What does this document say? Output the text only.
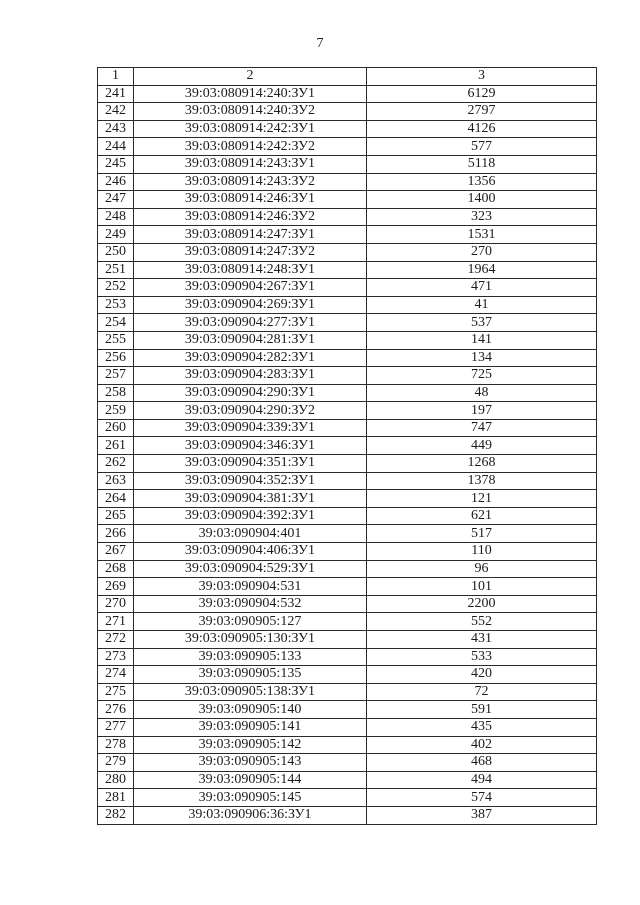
7
1	2	3
241	39:03:080914:240:ЗУ1	6129
242	39:03:080914:240:ЗУ2	2797
243	39:03:080914:242:ЗУ1	4126
244	39:03:080914:242:ЗУ2	577
245	39:03:080914:243:ЗУ1	5118
246	39:03:080914:243:ЗУ2	1356
247	39:03:080914:246:ЗУ1	1400
248	39:03:080914:246:ЗУ2	323
249	39:03:080914:247:ЗУ1	1531
250	39:03:080914:247:ЗУ2	270
251	39:03:080914:248:ЗУ1	1964
252	39:03:090904:267:ЗУ1	471
253	39:03:090904:269:ЗУ1	41
254	39:03:090904:277:ЗУ1	537
255	39:03:090904:281:ЗУ1	141
256	39:03:090904:282:ЗУ1	134
257	39:03:090904:283:ЗУ1	725
258	39:03:090904:290:ЗУ1	48
259	39:03:090904:290:ЗУ2	197
260	39:03:090904:339:ЗУ1	747
261	39:03:090904:346:ЗУ1	449
262	39:03:090904:351:ЗУ1	1268
263	39:03:090904:352:ЗУ1	1378
264	39:03:090904:381:ЗУ1	121
265	39:03:090904:392:ЗУ1	621
266	39:03:090904:401	517
267	39:03:090904:406:ЗУ1	110
268	39:03:090904:529:ЗУ1	96
269	39:03:090904:531	101
270	39:03:090904:532	2200
271	39:03:090905:127	552
272	39:03:090905:130:ЗУ1	431
273	39:03:090905:133	533
274	39:03:090905:135	420
275	39:03:090905:138:ЗУ1	72
276	39:03:090905:140	591
277	39:03:090905:141	435
278	39:03:090905:142	402
279	39:03:090905:143	468
280	39:03:090905:144	494
281	39:03:090905:145	574
282	39:03:090906:36:ЗУ1	387
